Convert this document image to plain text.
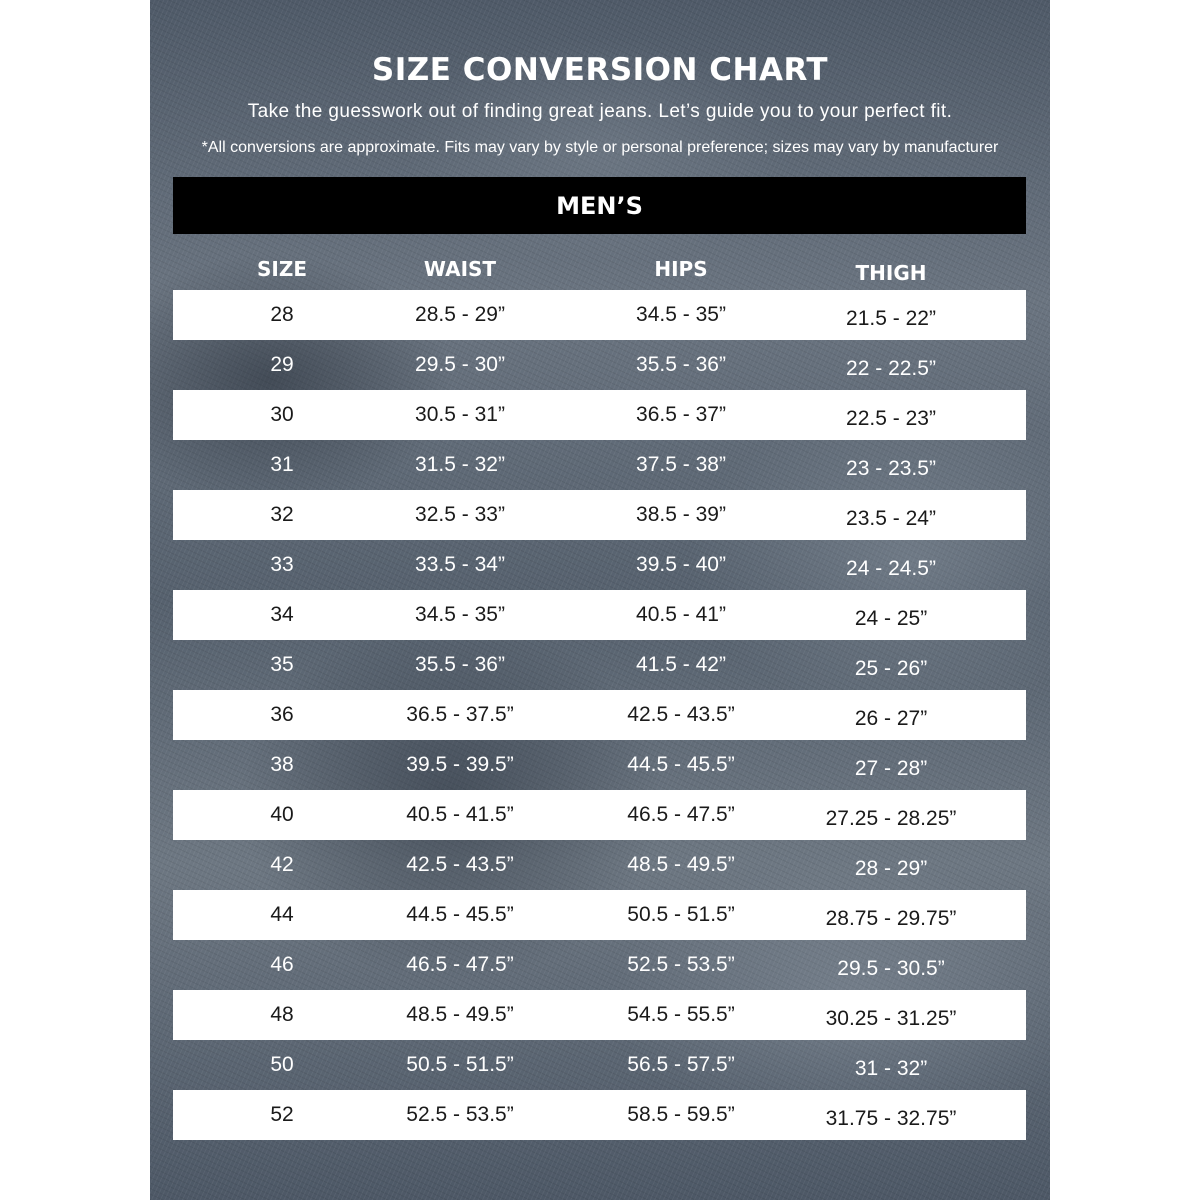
SIZE CONVERSION CHART

Take the guesswork out of finding great jeans. Let’s guide you to your perfect fit.

*All conversions are approximate. Fits may vary by style or personal preference; sizes may vary by manufacturer

MEN’S
SIZE	WAIST	HIPS	THIGH
28	28.5 - 29”	34.5 - 35”	21.5 - 22”
29	29.5 - 30”	35.5 - 36”	22 - 22.5”
30	30.5 - 31”	36.5 - 37”	22.5 - 23”
31	31.5 - 32”	37.5 - 38”	23 - 23.5”
32	32.5 - 33”	38.5 - 39”	23.5 - 24”
33	33.5 - 34”	39.5 - 40”	24 - 24.5”
34	34.5 - 35”	40.5 - 41”	24 - 25”
35	35.5 - 36”	41.5 - 42”	25 - 26”
36	36.5 - 37.5”	42.5 - 43.5”	26 - 27”
38	39.5 - 39.5”	44.5 - 45.5”	27 - 28”
40	40.5 - 41.5”	46.5 - 47.5”	27.25 - 28.25”
42	42.5 - 43.5”	48.5 - 49.5”	28 - 29”
44	44.5 - 45.5”	50.5 - 51.5”	28.75 - 29.75”
46	46.5 - 47.5”	52.5 - 53.5”	29.5 - 30.5”
48	48.5 - 49.5”	54.5 - 55.5”	30.25 - 31.25”
50	50.5 - 51.5”	56.5 - 57.5”	31 - 32”
52	52.5 - 53.5”	58.5 - 59.5”	31.75 - 32.75”
